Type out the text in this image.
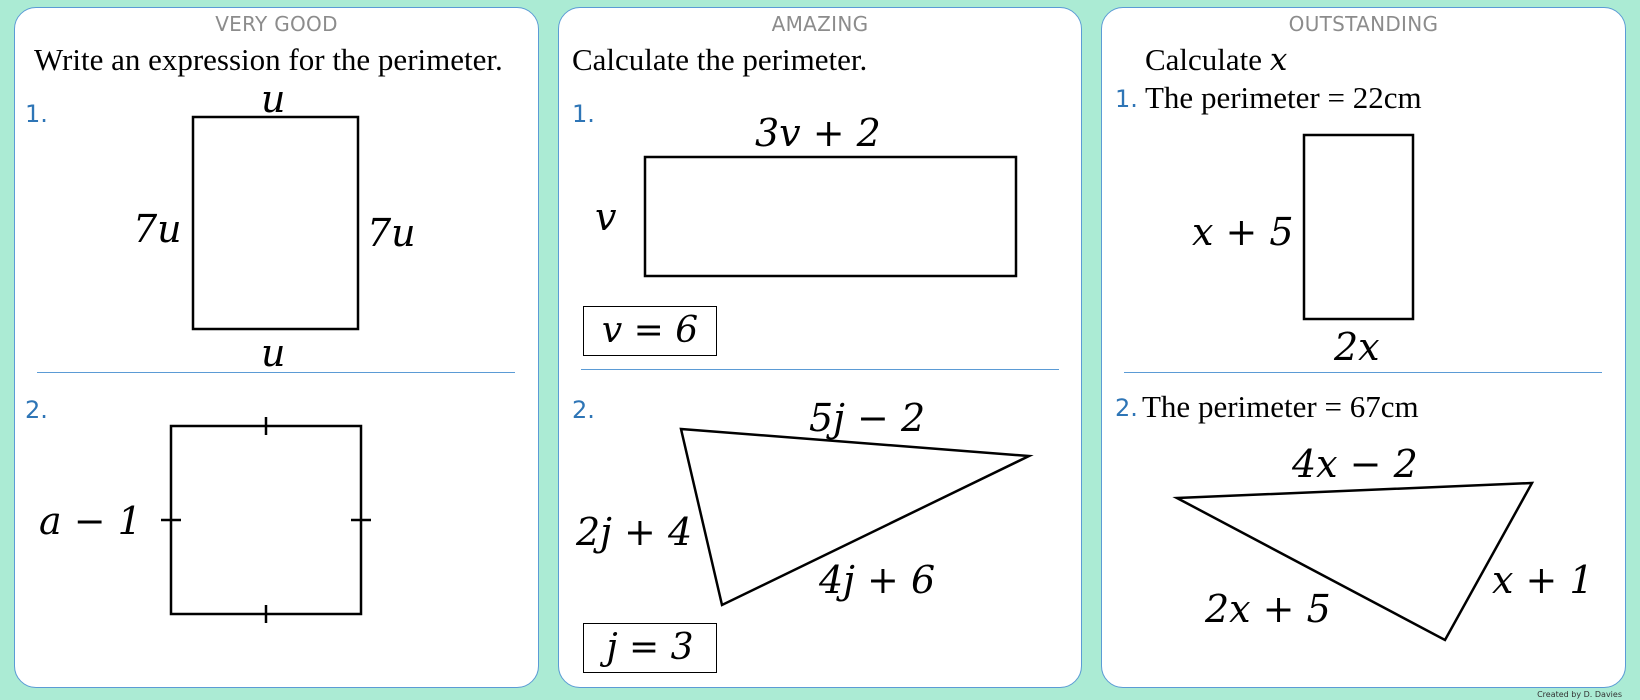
VERY GOOD
Write an expression for the perimeter.
1.	u
u
7u	7u
2.
a − 1
AMAZING
Calculate the perimeter.
1.	3v + 2
v
v = 6
2.	5j − 2
2j + 4
4j + 6
j = 3
OUTSTANDING
Calculate x
1. The perimeter = 22cm
x + 5
2x
2. The perimeter = 67cm
4x − 2
2x + 5
x + 1
Created by D. Davies
